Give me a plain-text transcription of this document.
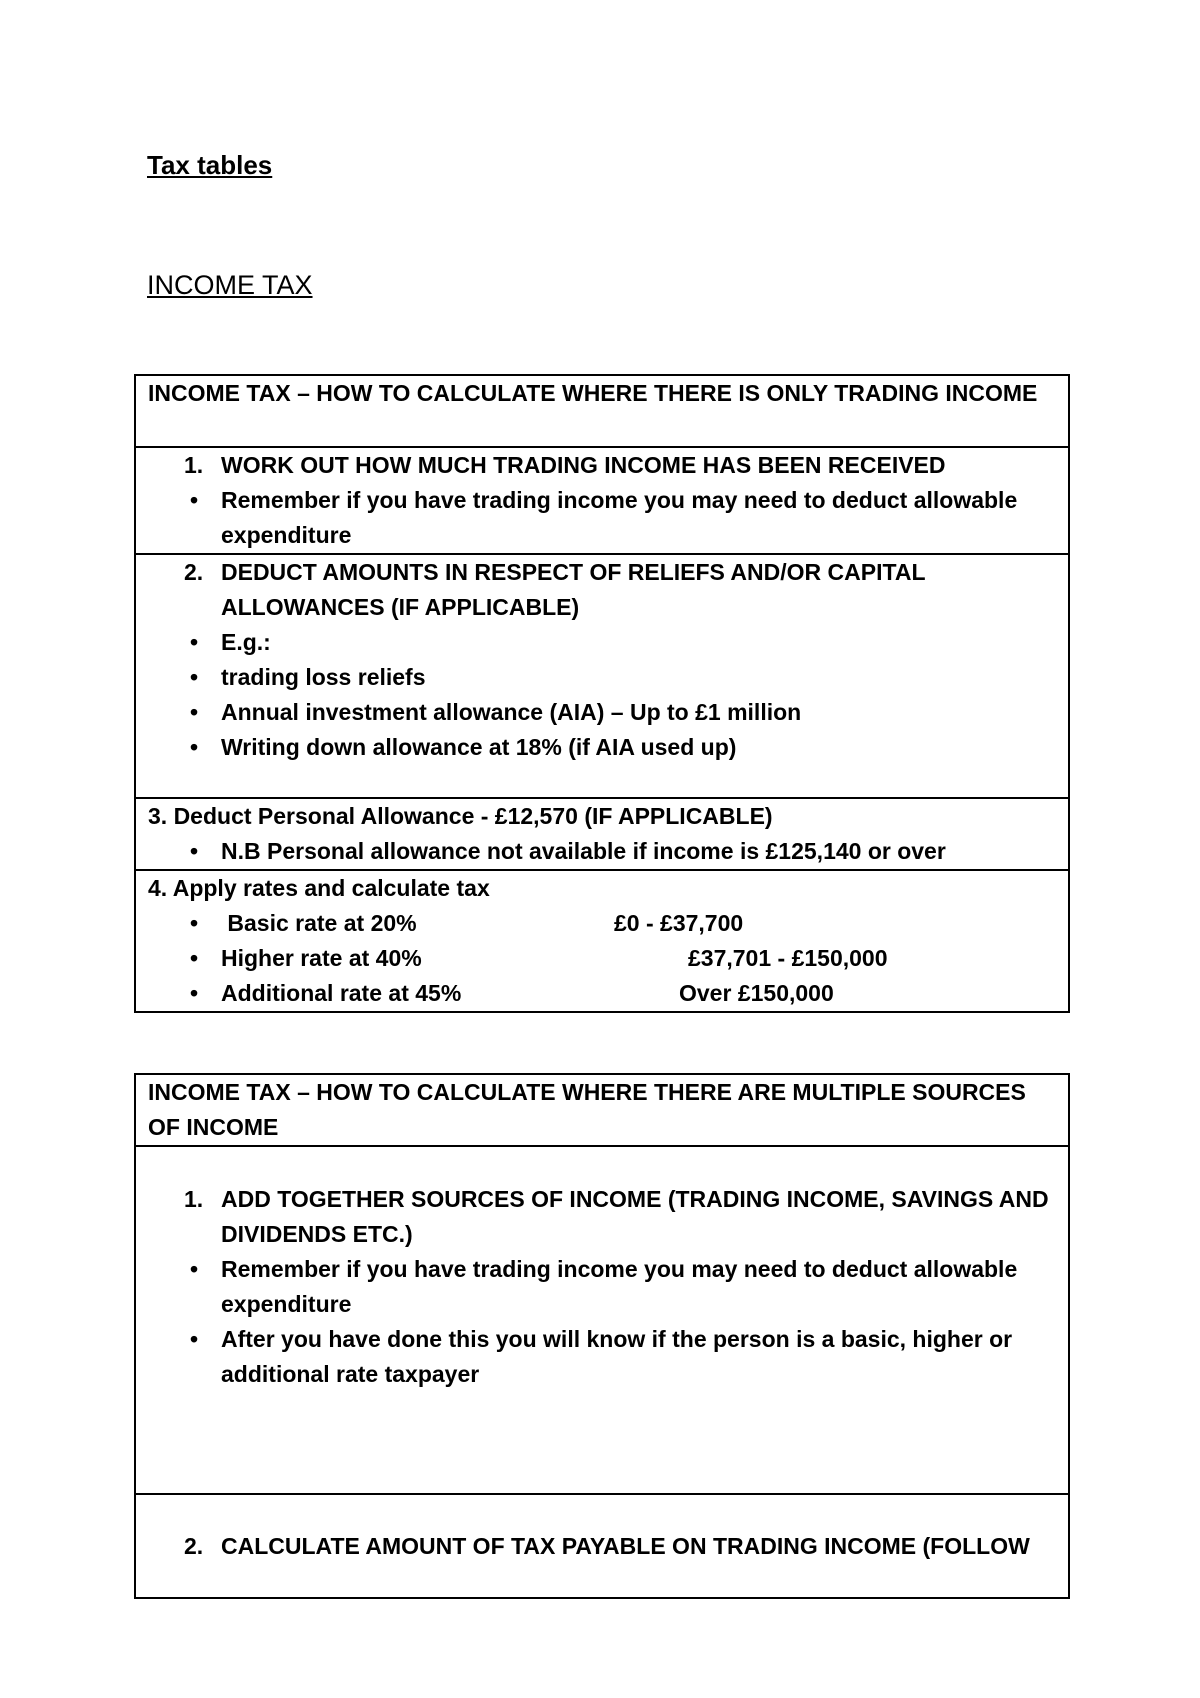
Tax tables

INCOME TAX
INCOME TAX – HOW TO CALCULATE WHERE THERE IS ONLY TRADING INCOME

1. WORK OUT HOW MUCH TRADING INCOME HAS BEEN RECEIVED
• Remember if you have trading income you may need to deduct allowable expenditure

2. DEDUCT AMOUNTS IN RESPECT OF RELIEFS AND/OR CAPITAL ALLOWANCES (IF APPLICABLE)
• E.g.:
• trading loss reliefs
• Annual investment allowance (AIA) – Up to £1 million
• Writing down allowance at 18% (if AIA used up)

3. Deduct Personal Allowance - £12,570 (IF APPLICABLE)
• N.B Personal allowance not available if income is £125,140 or over

4. Apply rates and calculate tax
• Basic rate at 20%	£0 - £37,700
• Higher rate at 40%	£37,701 - £150,000
• Additional rate at 45%	Over £150,000
INCOME TAX – HOW TO CALCULATE WHERE THERE ARE MULTIPLE SOURCES OF INCOME

1. ADD TOGETHER SOURCES OF INCOME (TRADING INCOME, SAVINGS AND DIVIDENDS ETC.)
• Remember if you have trading income you may need to deduct allowable expenditure
• After you have done this you will know if the person is a basic, higher or additional rate taxpayer

2. CALCULATE AMOUNT OF TAX PAYABLE ON TRADING INCOME (FOLLOW
